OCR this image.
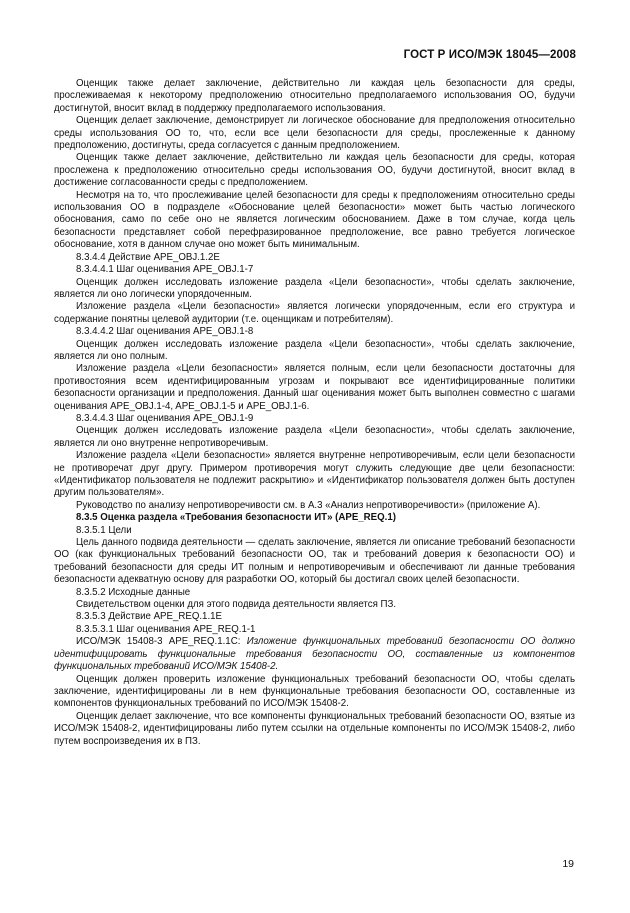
ГОСТ Р ИСО/МЭК 18045—2008

Оценщик также делает заключение, действительно ли каждая цель безопасности для среды, прослеживаемая к некоторому предположению относительно предполагаемого использования ОО, будучи достигнутой, вносит вклад в поддержку предполагаемого использования.

Оценщик делает заключение, демонстрирует ли логическое обоснование для предположения относительно среды использования ОО то, что, если все цели безопасности для среды, прослеженные к данному предположению, достигнуты, среда согласуется с данным предположением.

Оценщик также делает заключение, действительно ли каждая цель безопасности для среды, которая прослежена к предположению относительно среды использования ОО, будучи достигнутой, вносит вклад в достижение согласованности среды с предположением.

Несмотря на то, что прослеживание целей безопасности для среды к предположениям относительно среды использования ОО в подразделе «Обоснование целей безопасности» может быть частью логического обоснования, само по себе оно не является логическим обоснованием. Даже в том случае, когда цель безопасности представляет собой перефразированное предположение, все равно требуется логическое обоснование, хотя в данном случае оно может быть минимальным.

8.3.4.4 Действие APE_OBJ.1.2E

8.3.4.4.1 Шаг оценивания APE_OBJ.1-7

Оценщик должен исследовать изложение раздела «Цели безопасности», чтобы сделать заключение, является ли оно логически упорядоченным.

Изложение раздела «Цели безопасности» является логически упорядоченным, если его структура и содержание понятны целевой аудитории (т.е. оценщикам и потребителям).

8.3.4.4.2 Шаг оценивания APE_OBJ.1-8

Оценщик должен исследовать изложение раздела «Цели безопасности», чтобы сделать заключение, является ли оно полным.

Изложение раздела «Цели безопасности» является полным, если цели безопасности достаточны для противостояния всем идентифицированным угрозам и покрывают все идентифицированные политики безопасности организации и предположения. Данный шаг оценивания может быть выполнен совместно с шагами оценивания APE_OBJ.1-4, APE_OBJ.1-5 и APE_OBJ.1-6.

8.3.4.4.3 Шаг оценивания APE_OBJ.1-9

Оценщик должен исследовать изложение раздела «Цели безопасности», чтобы сделать заключение, является ли оно внутренне непротиворечивым.

Изложение раздела «Цели безопасности» является внутренне непротиворечивым, если цели безопасности не противоречат друг другу. Примером противоречия могут служить следующие две цели безопасности: «Идентификатор пользователя не подлежит раскрытию» и «Идентификатор пользователя должен быть доступен другим пользователям».

Руководство по анализу непротиворечивости см. в А.3 «Анализ непротиворечивости» (приложение А).

8.3.5 Оценка раздела «Требования безопасности ИТ» (APE_REQ.1)

8.3.5.1 Цели

Цель данного подвида деятельности — сделать заключение, является ли описание требований безопасности ОО (как функциональных требований безопасности ОО, так и требований доверия к безопасности ОО) и требований безопасности для среды ИТ полным и непротиворечивым и обеспечивают ли данные требования безопасности адекватную основу для разработки ОО, который бы достигал своих целей безопасности.

8.3.5.2 Исходные данные

Свидетельством оценки для этого подвида деятельности является ПЗ.

8.3.5.3 Действие APE_REQ.1.1E

8.3.5.3.1 Шаг оценивания APE_REQ.1-1

ИСО/МЭК 15408-3 APE_REQ.1.1C: Изложение функциональных требований безопасности ОО должно идентифицировать функциональные требования безопасности ОО, составленные из компонентов функциональных требований ИСО/МЭК 15408-2.

Оценщик должен проверить изложение функциональных требований безопасности ОО, чтобы сделать заключение, идентифицированы ли в нем функциональные требования безопасности ОО, составленные из компонентов функциональных требований по ИСО/МЭК 15408-2.

Оценщик делает заключение, что все компоненты функциональных требований безопасности ОО, взятые из ИСО/МЭК 15408-2, идентифицированы либо путем ссылки на отдельные компоненты по ИСО/МЭК 15408-2, либо путем воспроизведения их в ПЗ.

19
